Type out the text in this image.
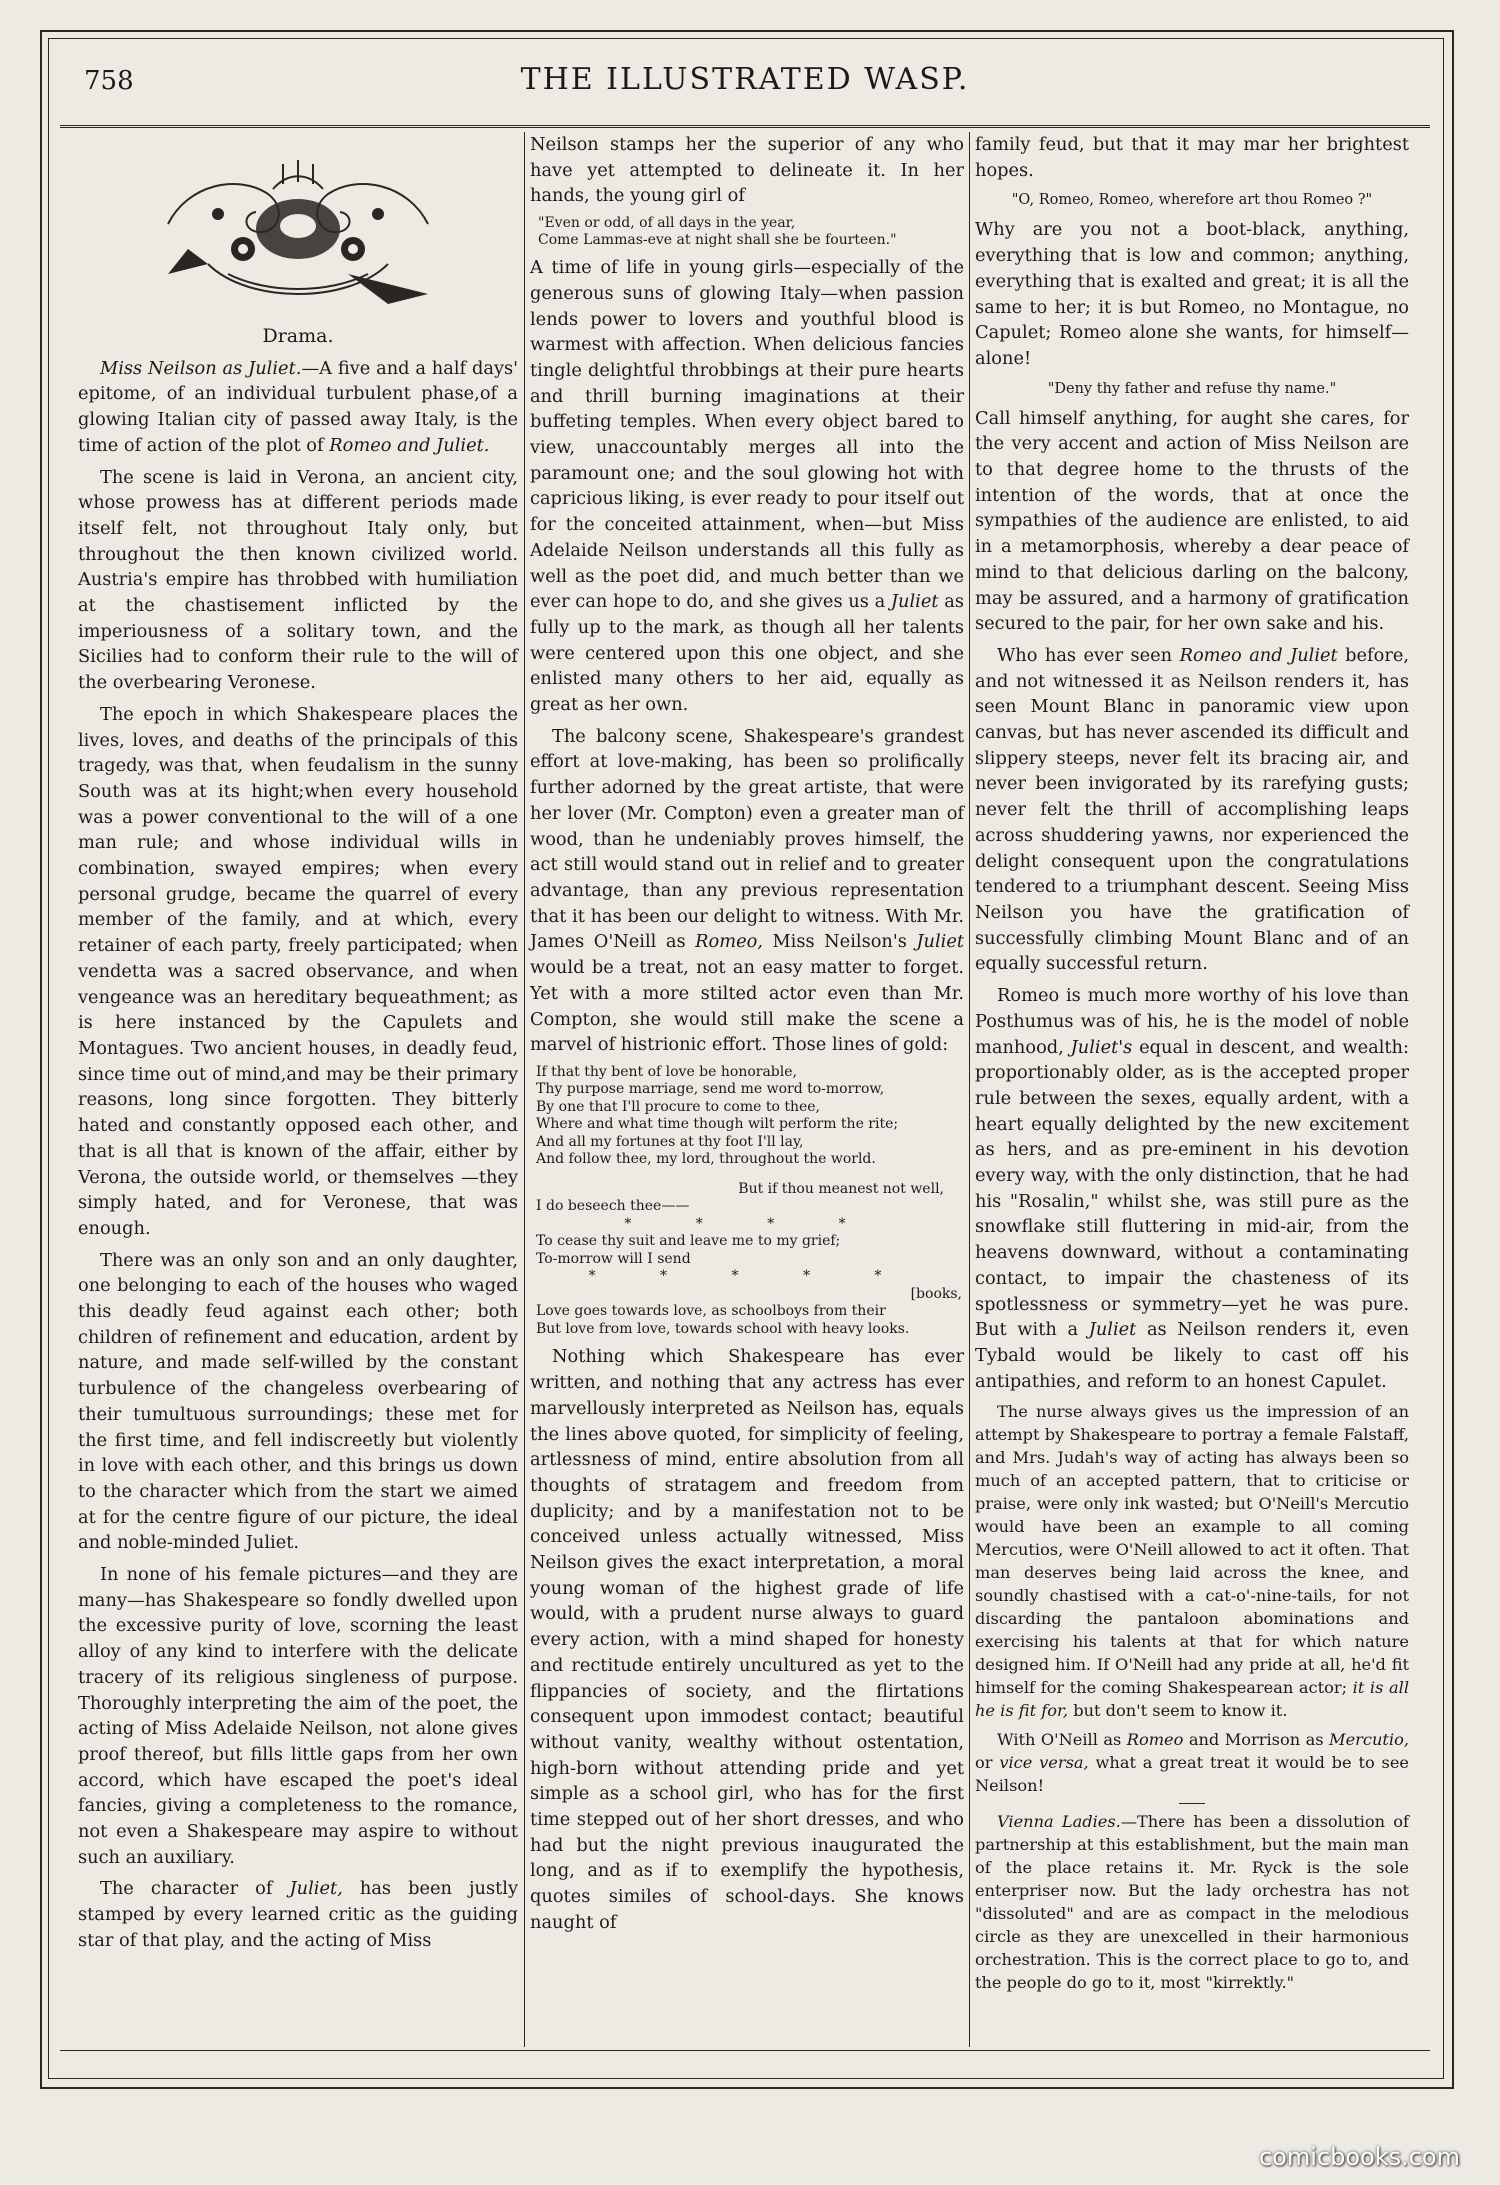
758	THE ILLUSTRATED WASP.

Drama.

Miss Neilson as Juliet.—A five and a half days' epitome, of an individual turbulent phase,of a glowing Italian city of passed away Italy, is the time of action of the plot of Romeo and Juliet.

The scene is laid in Verona, an ancient city, whose prowess has at different periods made itself felt, not throughout Italy only, but throughout the then known civilized world. Austria's empire has throbbed with humiliation at the chastisement inflicted by the imperiousness of a solitary town, and the Sicilies had to conform their rule to the will of the overbearing Veronese.

The epoch in which Shakespeare places the lives, loves, and deaths of the principals of this tragedy, was that, when feudalism in the sunny South was at its hight;when every household was a power conventional to the will of a one man rule; and whose individual wills in combination, swayed empires; when every personal grudge, became the quarrel of every member of the family, and at which, every retainer of each party, freely participated; when vendetta was a sacred observance, and when vengeance was an hereditary bequeathment; as is here instanced by the Capulets and Montagues. Two ancient houses, in deadly feud, since time out of mind,and may be their primary reasons, long since forgotten. They bitterly hated and constantly opposed each other, and that is all that is known of the affair, either by Verona, the outside world, or themselves —they simply hated, and for Veronese, that was enough.

There was an only son and an only daughter, one belonging to each of the houses who waged this deadly feud against each other; both children of refinement and education, ardent by nature, and made self-willed by the constant turbulence of the changeless overbearing of their tumultuous surroundings; these met for the first time, and fell indiscreetly but violently in love with each other, and this brings us down to the character which from the start we aimed at for the centre figure of our picture, the ideal and noble-minded Juliet.

In none of his female pictures—and they are many—has Shakespeare so fondly dwelled upon the excessive purity of love, scorning the least alloy of any kind to interfere with the delicate tracery of its religious singleness of purpose. Thoroughly interpreting the aim of the poet, the acting of Miss Adelaide Neilson, not alone gives proof thereof, but fills little gaps from her own accord, which have escaped the poet's ideal fancies, giving a completeness to the romance, not even a Shakespeare may aspire to without such an auxiliary.

The character of Juliet, has been justly stamped by every learned critic as the guiding star of that play, and the acting of Miss

Neilson stamps her the superior of any who have yet attempted to delineate it. In her hands, the young girl of

"Even or odd, of all days in the year,
Come Lammas-eve at night shall she be fourteen."

A time of life in young girls—especially of the generous suns of glowing Italy—when passion lends power to lovers and youthful blood is warmest with affection. When delicious fancies tingle delightful throbbings at their pure hearts and thrill burning imaginations at their buffeting temples. When every object bared to view, unaccountably merges all into the paramount one; and the soul glowing hot with capricious liking, is ever ready to pour itself out for the conceited attainment, when—but Miss Adelaide Neilson understands all this fully as well as the poet did, and much better than we ever can hope to do, and she gives us a Juliet as fully up to the mark, as though all her talents were centered upon this one object, and she enlisted many others to her aid, equally as great as her own.

The balcony scene, Shakespeare's grandest effort at love-making, has been so prolifically further adorned by the great artiste, that were her lover (Mr. Compton) even a greater man of wood, than he undeniably proves himself, the act still would stand out in relief and to greater advantage, than any previous representation that it has been our delight to witness. With Mr. James O'Neill as Romeo, Miss Neilson's Juliet would be a treat, not an easy matter to forget. Yet with a more stilted actor even than Mr. Compton, she would still make the scene a marvel of histrionic effort. Those lines of gold:

If that thy bent of love be honorable,
Thy purpose marriage, send me word to-morrow,
By one that I'll procure to come to thee,
Where and what time though wilt perform the rite;
And all my fortunes at thy foot I'll lay,
And follow thee, my lord, throughout the world.
But if thou meanest not well,
I do beseech thee——
* * * *
To cease thy suit and leave me to my grief;
To-morrow will I send
* * * * *
[books,
Love goes towards love, as schoolboys from their
But love from love, towards school with heavy looks.

Nothing which Shakespeare has ever written, and nothing that any actress has ever marvellously interpreted as Neilson has, equals the lines above quoted, for simplicity of feeling, artlessness of mind, entire absolution from all thoughts of stratagem and freedom from duplicity; and by a manifestation not to be conceived unless actually witnessed, Miss Neilson gives the exact interpretation, a moral young woman of the highest grade of life would, with a prudent nurse always to guard every action, with a mind shaped for honesty and rectitude entirely uncultured as yet to the flippancies of society, and the flirtations consequent upon immodest contact; beautiful without vanity, wealthy without ostentation, high-born without attending pride and yet simple as a school girl, who has for the first time stepped out of her short dresses, and who had but the night previous inaugurated the long, and as if to exemplify the hypothesis, quotes similes of school-days. She knows naught of

family feud, but that it may mar her brightest hopes.

"O, Romeo, Romeo, wherefore art thou Romeo ?"

Why are you not a boot-black, anything, everything that is low and common; anything, everything that is exalted and great; it is all the same to her; it is but Romeo, no Montague, no Capulet; Romeo alone she wants, for himself—alone!

"Deny thy father and refuse thy name."

Call himself anything, for aught she cares, for the very accent and action of Miss Neilson are to that degree home to the thrusts of the intention of the words, that at once the sympathies of the audience are enlisted, to aid in a metamorphosis, whereby a dear peace of mind to that delicious darling on the balcony, may be assured, and a harmony of gratification secured to the pair, for her own sake and his.

Who has ever seen Romeo and Juliet before, and not witnessed it as Neilson renders it, has seen Mount Blanc in panoramic view upon canvas, but has never ascended its difficult and slippery steeps, never felt its bracing air, and never been invigorated by its rarefying gusts; never felt the thrill of accomplishing leaps across shuddering yawns, nor experienced the delight consequent upon the congratulations tendered to a triumphant descent. Seeing Miss Neilson you have the gratification of successfully climbing Mount Blanc and of an equally successful return.

Romeo is much more worthy of his love than Posthumus was of his, he is the model of noble manhood, Juliet's equal in descent, and wealth: proportionably older, as is the accepted proper rule between the sexes, equally ardent, with a heart equally delighted by the new excitement as hers, and as pre-eminent in his devotion every way, with the only distinction, that he had his "Rosalin," whilst she, was still pure as the snowflake still fluttering in mid-air, from the heavens downward, without a contaminating contact, to impair the chasteness of its spotlessness or symmetry—yet he was pure. But with a Juliet as Neilson renders it, even Tybald would be likely to cast off his antipathies, and reform to an honest Capulet.

The nurse always gives us the impression of an attempt by Shakespeare to portray a female Falstaff, and Mrs. Judah's way of acting has always been so much of an accepted pattern, that to criticise or praise, were only ink wasted; but O'Neill's Mercutio would have been an example to all coming Mercutios, were O'Neill allowed to act it often. That man deserves being laid across the knee, and soundly chastised with a cat-o'-nine-tails, for not discarding the pantaloon abominations and exercising his talents at that for which nature designed him. If O'Neill had any pride at all, he'd fit himself for the coming Shakespearean actor; it is all he is fit for, but don't seem to know it.

With O'Neill as Romeo and Morrison as Mercutio, or vice versa, what a great treat it would be to see Neilson!

Vienna Ladies.—There has been a dissolution of partnership at this establishment, but the main man of the place retains it. Mr. Ryck is the sole enterpriser now. But the lady orchestra has not "dissoluted" and are as compact in the melodious circle as they are unexcelled in their harmonious orchestration. This is the correct place to go to, and the people do go to it, most "kirrektly."

comicbooks.com
